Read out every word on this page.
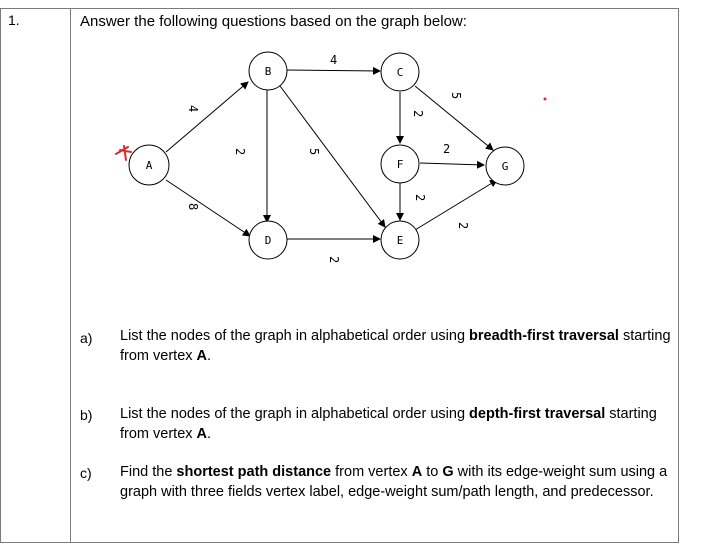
1.	Answer the following questions based on the graph below:
A
B	C
D	E
F	G
4
8
4
2	5
2
5
2
2
2
2
a) List the nodes of the graph in alphabetical order using breadth-first traversal starting from vertex A.
b) List the nodes of the graph in alphabetical order using depth-first traversal starting from vertex A.
c) Find the shortest path distance from vertex A to G with its edge-weight sum using a graph with three fields vertex label, edge-weight sum/path length, and predecessor.
